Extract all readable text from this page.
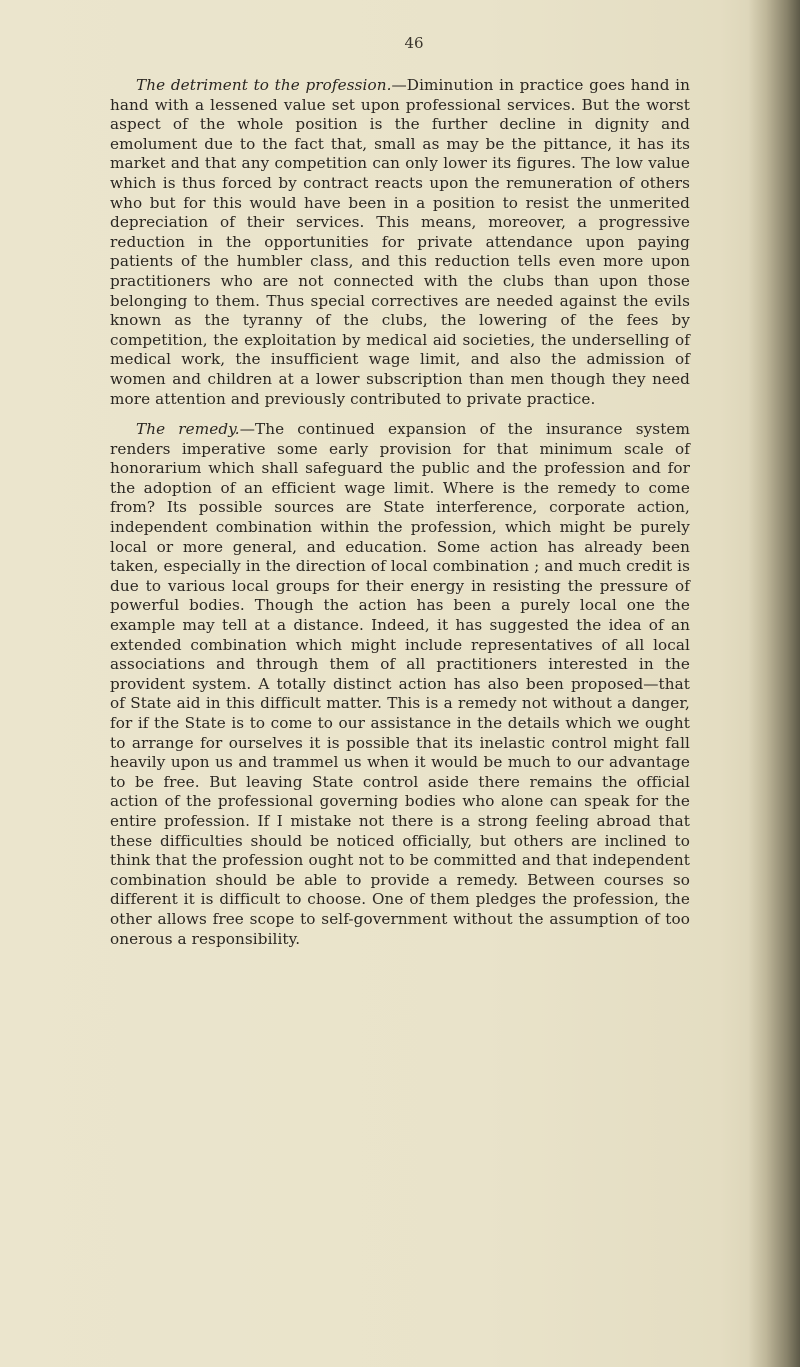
46

The detriment to the profession.—Diminution in practice goes hand in hand with a lessened value set upon professional services. But the worst aspect of the whole position is the further decline in dignity and emolument due to the fact that, small as may be the pittance, it has its market and that any competition can only lower its figures. The low value which is thus forced by contract reacts upon the remuneration of others who but for this would have been in a position to resist the unmerited depreciation of their services. This means, moreover, a progressive reduction in the opportunities for private attendance upon paying patients of the humbler class, and this reduction tells even more upon practitioners who are not connected with the clubs than upon those belonging to them. Thus special correctives are needed against the evils known as the tyranny of the clubs, the lowering of the fees by competition, the exploitation by medical aid societies, the underselling of medical work, the insufficient wage limit, and also the admission of women and children at a lower subscription than men though they need more attention and previously contributed to private practice.

The remedy.—The continued expansion of the insurance system renders imperative some early provision for that minimum scale of honorarium which shall safeguard the public and the profession and for the adoption of an efficient wage limit. Where is the remedy to come from? Its possible sources are State interference, corporate action, independent combination within the profession, which might be purely local or more general, and education. Some action has already been taken, especially in the direction of local combination ; and much credit is due to various local groups for their energy in resisting the pressure of powerful bodies. Though the action has been a purely local one the example may tell at a distance. Indeed, it has suggested the idea of an extended combination which might include representatives of all local associations and through them of all practitioners interested in the provident system. A totally distinct action has also been proposed—that of State aid in this difficult matter. This is a remedy not without a danger, for if the State is to come to our assistance in the details which we ought to arrange for ourselves it is possible that its inelastic control might fall heavily upon us and trammel us when it would be much to our advantage to be free. But leaving State control aside there remains the official action of the professional governing bodies who alone can speak for the entire profession. If I mistake not there is a strong feeling abroad that these difficulties should be noticed officially, but others are inclined to think that the profession ought not to be committed and that independent combination should be able to provide a remedy. Between courses so different it is difficult to choose. One of them pledges the profession, the other allows free scope to self-government without the assumption of too onerous a responsibility.
